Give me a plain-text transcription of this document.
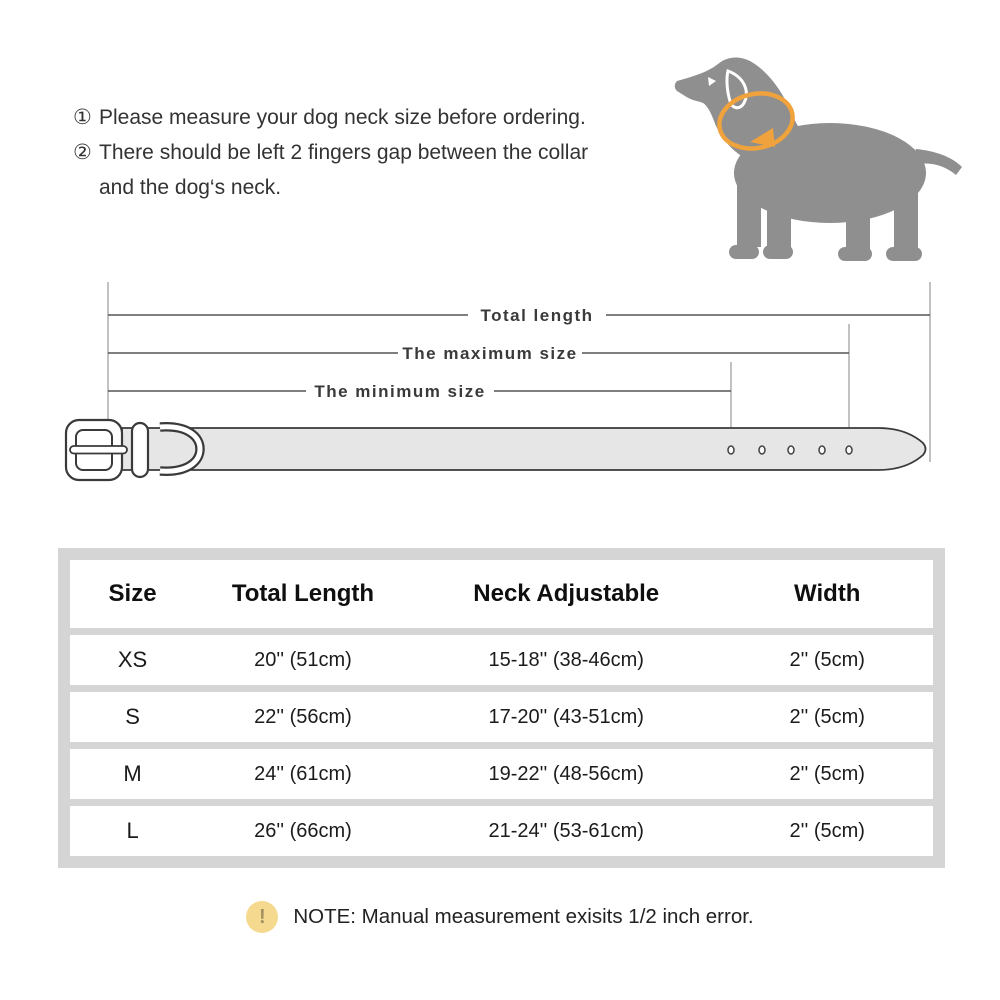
① Please measure your dog neck size before ordering.
② There should be left 2 fingers gap between the collar and the dog‘s neck.
Total length
The maximum size
The minimum size
Size	Total Length	Neck Adjustable	Width
XS	20'' (51cm)	15-18'' (38-46cm)	2'' (5cm)
S	22'' (56cm)	17-20'' (43-51cm)	2'' (5cm)
M	24'' (61cm)	19-22'' (48-56cm)	2'' (5cm)
L	26'' (66cm)	21-24'' (53-61cm)	2'' (5cm)
!	NOTE: Manual measurement exisits 1/2 inch error.
